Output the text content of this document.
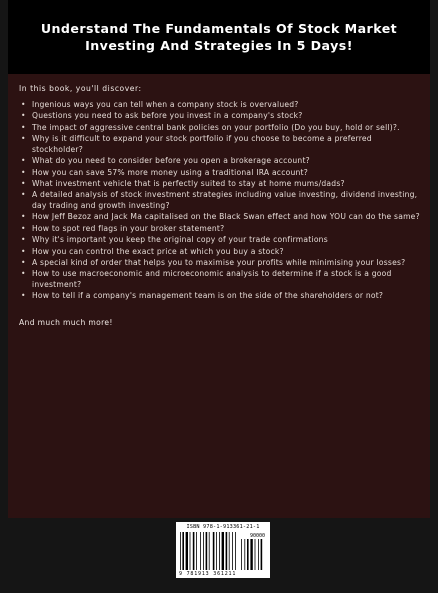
Understand The Fundamentals Of Stock Market Investing And Strategies In 5 Days!
In this book, you'll discover:
• Ingenious ways you can tell when a company stock is overvalued?
• Questions you need to ask before you invest in a company's stock?
• The impact of aggressive central bank policies on your portfolio (Do you buy, hold or sell)?.
• Why is it difficult to expand your stock portfolio if you choose to become a preferred stockholder?
• What do you need to consider before you open a brokerage account?
• How you can save 57% more money using a traditional IRA account?
• What investment vehicle that is perfectly suited to stay at home mums/dads?
• A detailed analysis of stock investment strategies including value investing, dividend investing, day trading and growth investing?
• How Jeff Bezoz and Jack Ma capitalised on the Black Swan effect and how YOU can do the same?
• How to spot red flags in your broker statement?
• Why it's important you keep the original copy of your trade confirmations
• How you can control the exact price at which you buy a stock?
• A special kind of order that helps you to maximise your profits while minimising your losses?
• How to use macroeconomic and microeconomic analysis to determine if a stock is a good investment?
• How to tell if a company's management team is on the side of the shareholders or not?
And much much more!
ISBN 978-1-913361-21-1
90000
9 781913 361211
